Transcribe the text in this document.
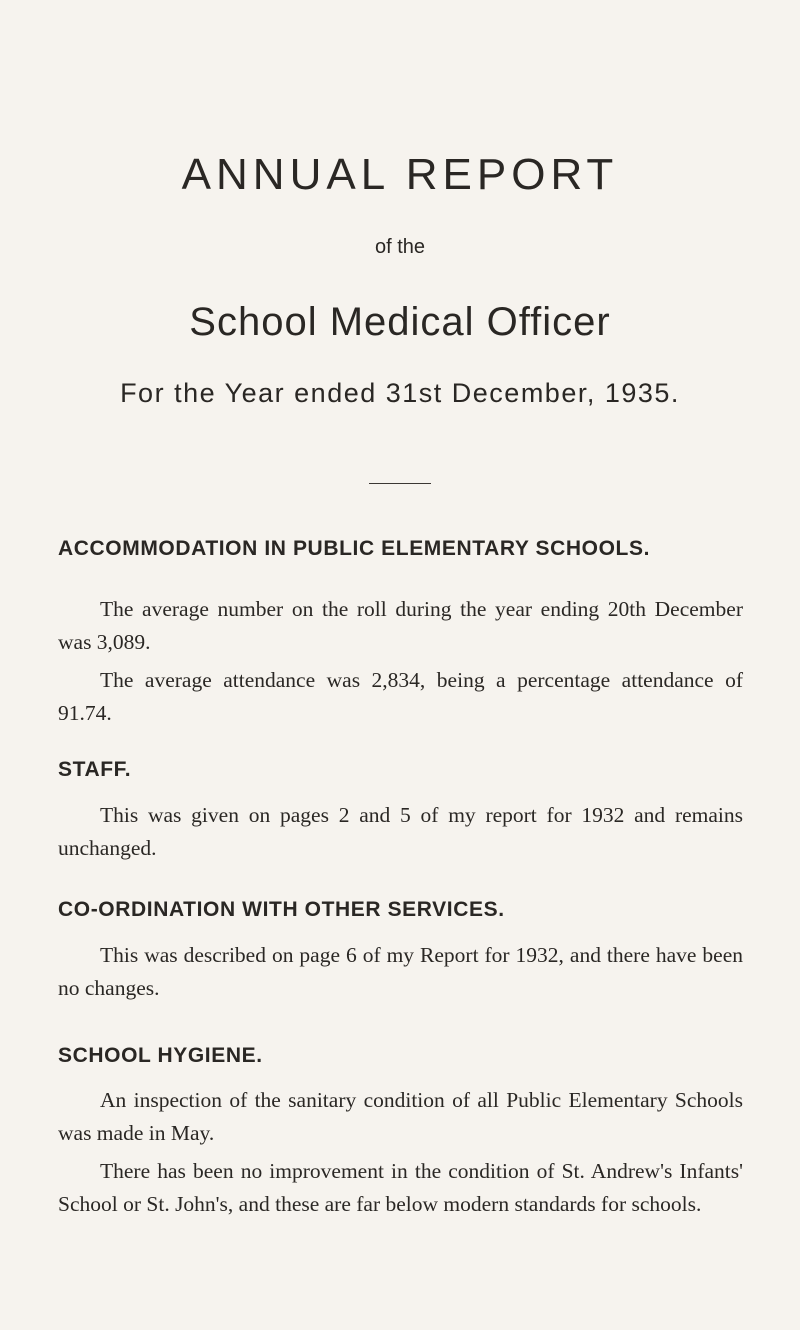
ANNUAL REPORT
of the
School Medical Officer
For the Year ended 31st December, 1935.
ACCOMMODATION IN PUBLIC ELEMENTARY SCHOOLS.

The average number on the roll during the year ending 20th December was 3,089.

The average attendance was 2,834, being a percentage attendance of 91.74.

STAFF.

This was given on pages 2 and 5 of my report for 1932 and remains unchanged.

CO-ORDINATION WITH OTHER SERVICES.

This was described on page 6 of my Report for 1932, and there have been no changes.

SCHOOL HYGIENE.

An inspection of the sanitary condition of all Public Elementary Schools was made in May.

There has been no improvement in the condition of St. Andrew's Infants' School or St. John's, and these are far below modern standards for schools.
